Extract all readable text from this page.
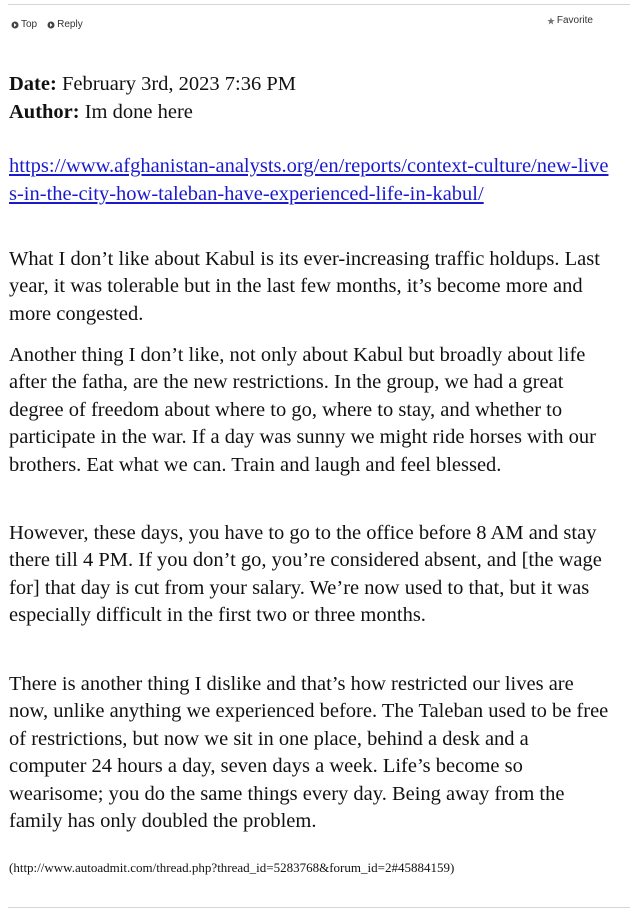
Top Reply	Favorite
Date: February 3rd, 2023 7:36 PM
Author: Im done here
https://www.afghanistan-analysts.org/en/reports/context-culture/new-lives-in-the-city-how-taleban-have-experienced-life-in-kabul/

What I don’t like about Kabul is its ever-increasing traffic holdups. Last year, it was tolerable but in the last few months, it’s become more and more congested.

Another thing I don’t like, not only about Kabul but broadly about life after the fatha, are the new restrictions. In the group, we had a great degree of freedom about where to go, where to stay, and whether to participate in the war. If a day was sunny we might ride horses with our brothers. Eat what we can. Train and laugh and feel blessed.

However, these days, you have to go to the office before 8 AM and stay there till 4 PM. If you don’t go, you’re considered absent, and [the wage for] that day is cut from your salary. We’re now used to that, but it was especially difficult in the first two or three months.

There is another thing I dislike and that’s how restricted our lives are now, unlike anything we experienced before. The Taleban used to be free of restrictions, but now we sit in one place, behind a desk and a computer 24 hours a day, seven days a week. Life’s become so wearisome; you do the same things every day. Being away from the family has only doubled the problem.

(http://www.autoadmit.com/thread.php?thread_id=5283768&forum_id=2#45884159)
